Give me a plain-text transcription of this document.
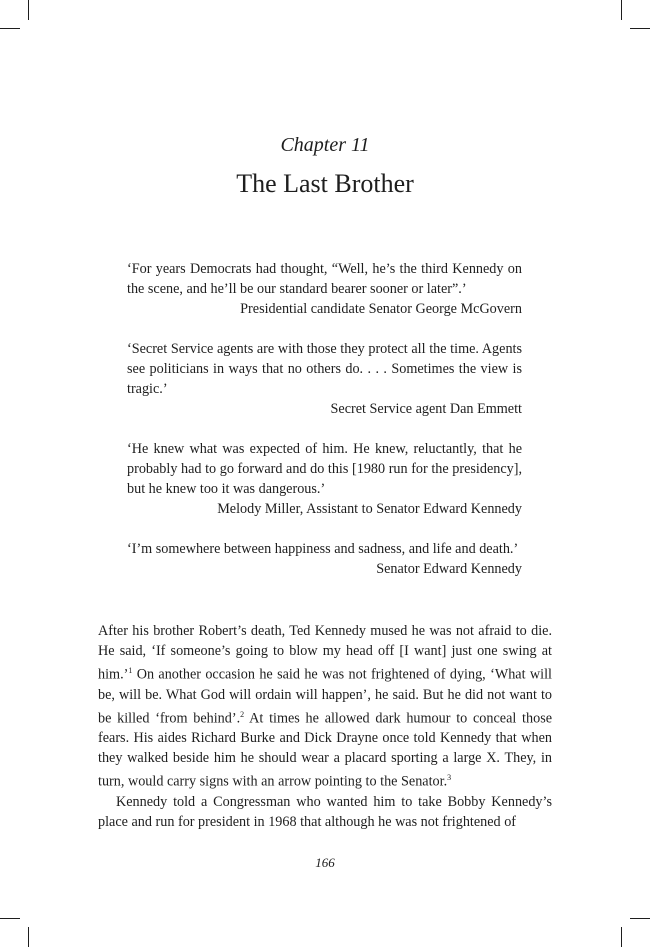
Chapter 11
The Last Brother

‘For years Democrats had thought, “Well, he’s the third Kennedy on the scene, and he’ll be our standard bearer sooner or later”.’

Presidential candidate Senator George McGovern

‘Secret Service agents are with those they protect all the time. Agents see politicians in ways that no others do. . . . Sometimes the view is tragic.’

Secret Service agent Dan Emmett

‘He knew what was expected of him. He knew, reluctantly, that he probably had to go forward and do this [1980 run for the presidency], but he knew too it was dangerous.’

Melody Miller, Assistant to Senator Edward Kennedy

‘I’m somewhere between happiness and sadness, and life and death.’

Senator Edward Kennedy

After his brother Robert’s death, Ted Kennedy mused he was not afraid to die. He said, ‘If someone’s going to blow my head off [I want] just one swing at him.’$^1$ On another occasion he said he was not frightened of dying, ‘What will be, will be. What God will ordain will happen’, he said. But he did not want to be killed ‘from behind’.$^2$ At times he allowed dark humour to conceal those fears. His aides Richard Burke and Dick Drayne once told Kennedy that when they walked beside him he should wear a placard sporting a large X. They, in turn, would carry signs with an arrow pointing to the Senator.$^3$

Kennedy told a Congressman who wanted him to take Bobby Kennedy’s place and run for president in 1968 that although he was not frightened of

166
